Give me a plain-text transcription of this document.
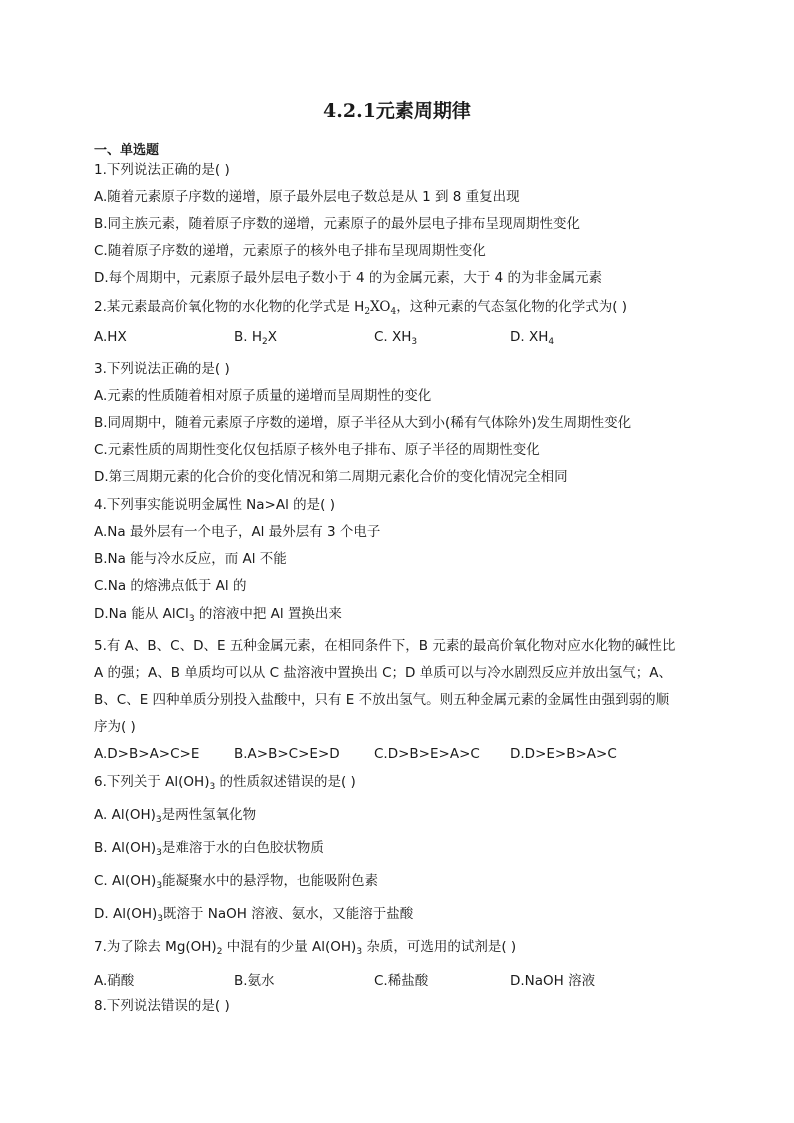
4.2.1元素周期律
一、单选题
1.下列说法正确的是( )
A.随着元素原子序数的递增，原子最外层电子数总是从 1 到 8 重复出现
B.同主族元素，随着原子序数的递增，元素原子的最外层电子排布呈现周期性变化
C.随着原子序数的递增，元素原子的核外电子排布呈现周期性变化
D.每个周期中，元素原子最外层电子数小于 4 的为金属元素，大于 4 的为非金属元素
2.某元素最高价氧化物的水化物的化学式是 $H_2XO_4$，这种元素的气态氢化物的化学式为( )
A.HX	B. $H_2X$	C. $XH_3$	D. $XH_4$
3.下列说法正确的是( )
A.元素的性质随着相对原子质量的递增而呈周期性的变化
B.同周期中，随着元素原子序数的递增，原子半径从大到小(稀有气体除外)发生周期性变化
C.元素性质的周期性变化仅包括原子核外电子排布、原子半径的周期性变化
D.第三周期元素的化合价的变化情况和第二周期元素化合价的变化情况完全相同
4.下列事实能说明金属性 Na>Al 的是( )
A.Na 最外层有一个电子，Al 最外层有 3 个电子
B.Na 能与冷水反应，而 Al 不能
C.Na 的熔沸点低于 Al 的
D.Na 能从 AlCl$_3$ 的溶液中把 Al 置换出来
5.有 A、B、C、D、E 五种金属元素，在相同条件下，B 元素的最高价氧化物对应水化物的碱性比
A 的强；A、B 单质均可以从 C 盐溶液中置换出 C；D 单质可以与冷水剧烈反应并放出氢气；A、
B、C、E 四种单质分别投入盐酸中，只有 E 不放出氢气。则五种金属元素的金属性由强到弱的顺
序为( )
A.D>B>A>C>E	B.A>B>C>E>D	C.D>B>E>A>C D.D>E>B>A>C
6.下列关于 $Al(OH)_3$ 的性质叙述错误的是( )
A. $Al(OH)_3$是两性氢氧化物
B. $Al(OH)_3$是难溶于水的白色胶状物质
C. $Al(OH)_3$能凝聚水中的悬浮物，也能吸附色素
D. $Al(OH)_3$既溶于 NaOH 溶液、氨水，又能溶于盐酸
7.为了除去 $Mg(OH)_2$ 中混有的少量 $Al(OH)_3$ 杂质，可选用的试剂是( )
A.硝酸	B.氨水	C.稀盐酸	D.NaOH 溶液
8.下列说法错误的是( )
